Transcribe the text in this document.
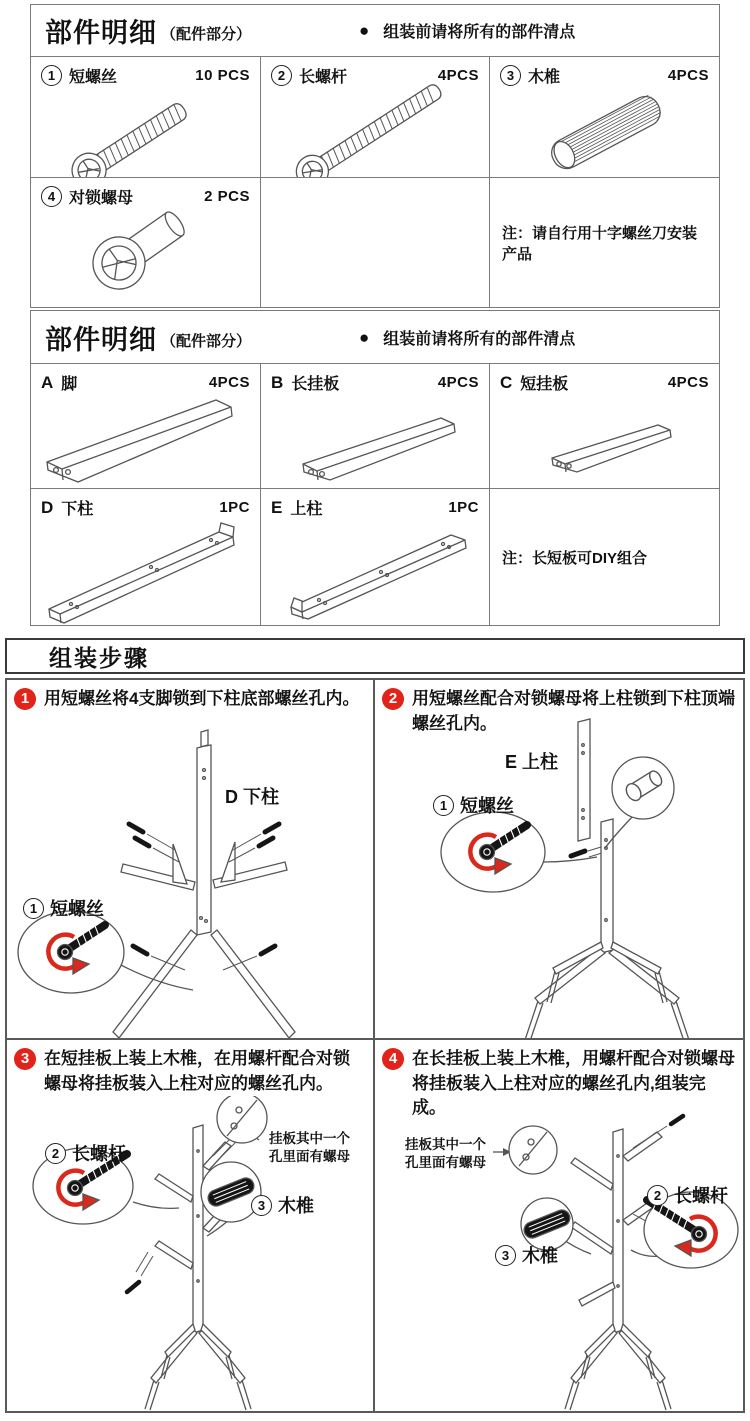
部件明细 （配件部分）	● 组装前请将所有的部件清点
1 短螺丝	10 PCS	2 长螺杆	4PCS	3 木椎	4PCS
4 对锁螺母	2 PCS
注：请自行用十字螺丝刀安装产品
部件明细 （配件部分）	● 组装前请将所有的部件清点
A 脚	4PCS B 长挂板	4PCS C 短挂板	4PCS
D 下柱	1PC E 上柱	1PC
注：长短板可DIY组合
组装步骤
1 用短螺丝将4支脚锁到下柱底部螺丝孔内。
D 下柱
1 短螺丝
2 用短螺丝配合对锁螺母将上柱锁到下柱顶端螺丝孔内。
E 上柱
1 短螺丝
3 在短挂板上装上木椎，在用螺杆配合对锁螺母将挂板装入上柱对应的螺丝孔内。
2 长螺杆
3 木椎
挂板其中一个
孔里面有螺母
4 在长挂板上装上木椎，用螺杆配合对锁螺母将挂板装入上柱对应的螺丝孔内,组装完成。
2 长螺杆
3 木椎
挂板其中一个
孔里面有螺母
